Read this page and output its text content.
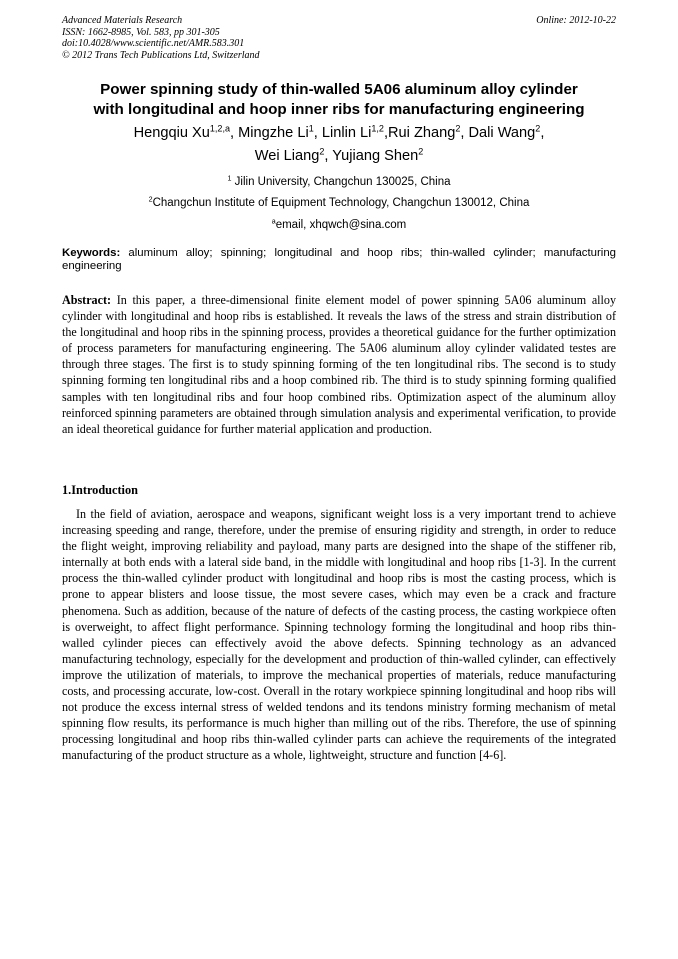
Advanced Materials Research
ISSN: 1662-8985, Vol. 583, pp 301-305
doi:10.4028/www.scientific.net/AMR.583.301
© 2012 Trans Tech Publications Ltd, Switzerland
Online: 2012-10-22
Power spinning study of thin-walled 5A06 aluminum alloy cylinder
with longitudinal and hoop inner ribs for manufacturing engineering
Hengqiu Xu$^{1,2,a}$, Mingzhe Li$^1$, Linlin Li$^{1,2}$,Rui Zhang$^2$, Dali Wang$^2$,
Wei Liang$^2$, Yujiang Shen$^2$
$^1$ Jilin University, Changchun 130025, China
$^2$Changchun Institute of Equipment Technology, Changchun 130012, China
$^a$email, xhqwch@sina.com
Keywords: aluminum alloy; spinning; longitudinal and hoop ribs; thin-walled cylinder; manufacturing engineering
Abstract: In this paper, a three-dimensional finite element model of power spinning 5A06 aluminum alloy cylinder with longitudinal and hoop ribs is established. It reveals the laws of the stress and strain distribution of the longitudinal and hoop ribs in the spinning process, provides a theoretical guidance for the further optimization of process parameters for manufacturing engineering. The 5A06 aluminum alloy cylinder validated testes are through three stages. The first is to study spinning forming of the ten longitudinal ribs. The second is to study spinning forming ten longitudinal ribs and a hoop combined rib. The third is to study spinning forming qualified samples with ten longitudinal ribs and four hoop combined ribs. Optimization aspect of the aluminum alloy reinforced spinning parameters are obtained through simulation analysis and experimental verification, to provide an ideal theoretical guidance for further material application and production.
1.Introduction
In the field of aviation, aerospace and weapons, significant weight loss is a very important trend to achieve increasing speeding and range, therefore, under the premise of ensuring rigidity and strength, in order to reduce the flight weight, improving reliability and payload, many parts are designed into the shape of the stiffener rib, internally at both ends with a lateral side band, in the middle with longitudinal and hoop ribs [1-3]. In the current process the thin-walled cylinder product with longitudinal and hoop ribs is most the casting process, which is prone to appear blisters and loose tissue, the most severe cases, which may even be a crack and fracture phenomena. Such as addition, because of the nature of defects of the casting process, the casting workpiece often is overweight, to affect flight performance. Spinning technology forming the longitudinal and hoop ribs thin-walled cylinder pieces can effectively avoid the above defects. Spinning technology as an advanced manufacturing technology, especially for the development and production of thin-walled cylinder, can effectively improve the utilization of materials, to improve the mechanical properties of materials, reduce manufacturing costs, and processing accurate, low-cost. Overall in the rotary workpiece spinning longitudinal and hoop ribs will not produce the excess internal stress of welded tendons and its tendons ministry forming mechanism of metal spinning flow results, its performance is much higher than milling out of the ribs. Therefore, the use of spinning processing longitudinal and hoop ribs thin-walled cylinder parts can achieve the requirements of the integrated manufacturing of the product structure as a whole, lightweight, structure and function [4-6].
